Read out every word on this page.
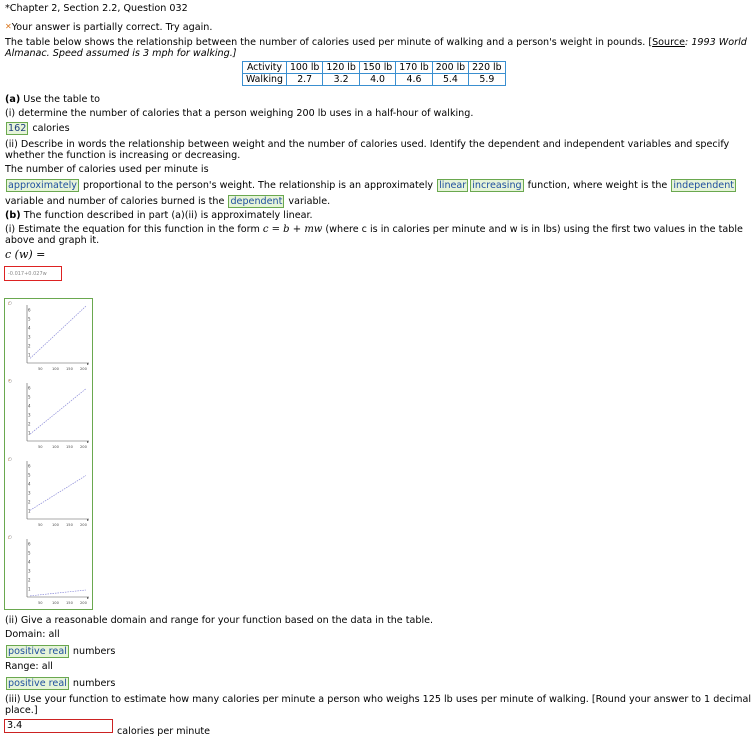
*Chapter 2, Section 2.2, Question 032
✕Your answer is partially correct. Try again.
The table below shows the relationship between the number of calories used per minute of walking and a person's weight in pounds. [Source: 1993 World
Almanac. Speed assumed is 3 mph for walking.]
Activity	100 lb	120 lb	150 lb	170 lb	200 lb	220 lb
Walking	2.7	3.2	4.0	4.6	5.4	5.9
(a) Use the table to
(i) determine the number of calories that a person weighing 200 lb uses in a half-hour of walking.
162 calories
(ii) Describe in words the relationship between weight and the number of calories used. Identify the dependent and independent variables and specify
whether the function is increasing or decreasing.
The number of calories used per minute is
approximately proportional to the person's weight. The relationship is an approximately linear increasing function, where weight is the independent
variable and number of calories burned is the dependent variable.
(b) The function described in part (a)(ii) is approximately linear.
(i) Estimate the equation for this function in the form c = b + mw (where c is in calories per minute and w is in lbs) using the first two values in the table
above and graph it.
c (w) =
-0.017+0.027w
r
6
5
4
3
2
1
50	100 150 200
▸
*
6
5
4
3
2
1
50	100 150 200
▸
r
6
5
4
3
2
1
50	100 150 200
▸
r
6
5
4
3
2
1
50	100 150 200
▸
(ii) Give a reasonable domain and range for your function based on the data in the table.
Domain: all
positive real numbers
Range: all
positive real numbers
(iii) Use your function to estimate how many calories per minute a person who weighs 125 lb uses per minute of walking. [Round your answer to 1 decimal
place.]
3.4
calories per minute
